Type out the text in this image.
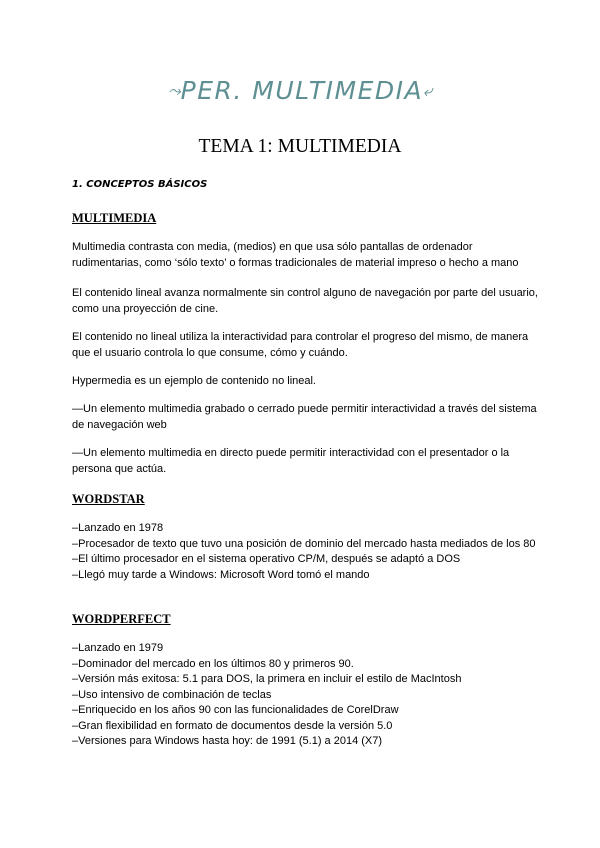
⤳PER. MULTIMEDIA⤶
TEMA 1: MULTIMEDIA
1. CONCEPTOS BÁSICOS
MULTIMEDIA

Multimedia contrasta con media, (medios) en que usa sólo pantallas de ordenador rudimentarias, como ‘sólo texto’ o formas tradicionales de material impreso o hecho a mano

El contenido lineal avanza normalmente sin control alguno de navegación por parte del usuario, como una proyección de cine.

El contenido no lineal utiliza la interactividad para controlar el progreso del mismo, de manera que el usuario controla lo que consume, cómo y cuándo.

Hypermedia es un ejemplo de contenido no lineal.

—Un elemento multimedia grabado o cerrado puede permitir interactividad a través del sistema de navegación web

—Un elemento multimedia en directo puede permitir interactividad con el presentador o la persona que actúa.

WORDSTAR
–Lanzado en 1978
–Procesador de texto que tuvo una posición de dominio del mercado hasta mediados de los 80
–El último procesador en el sistema operativo CP/M, después se adaptó a DOS
–Llegó muy tarde a Windows: Microsoft Word tomó el mando
WORDPERFECT
–Lanzado en 1979
–Dominador del mercado en los últimos 80 y primeros 90.
–Versión más exitosa: 5.1 para DOS, la primera en incluir el estilo de MacIntosh
–Uso intensivo de combinación de teclas
–Enriquecido en los años 90 con las funcionalidades de CorelDraw
–Gran flexibilidad en formato de documentos desde la versión 5.0
–Versiones para Windows hasta hoy: de 1991 (5.1) a 2014 (X7)
